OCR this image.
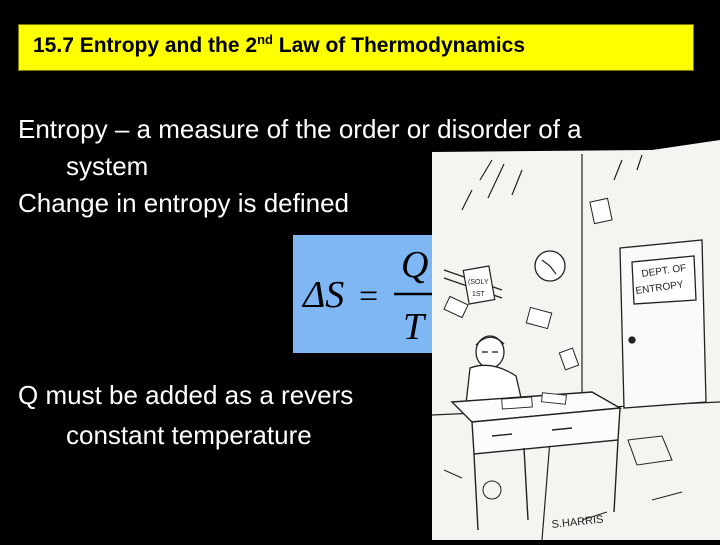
15.7 Entropy and the 2nd Law of Thermodynamics
Entropy – a measure of the order or disorder of a
system
Change in entropy is defined
ΔS =
Q
T
Q must be added as a revers
constant temperature
DEPT. OF
ENTROPY
(SOLY
1ST
S.HARRIS
